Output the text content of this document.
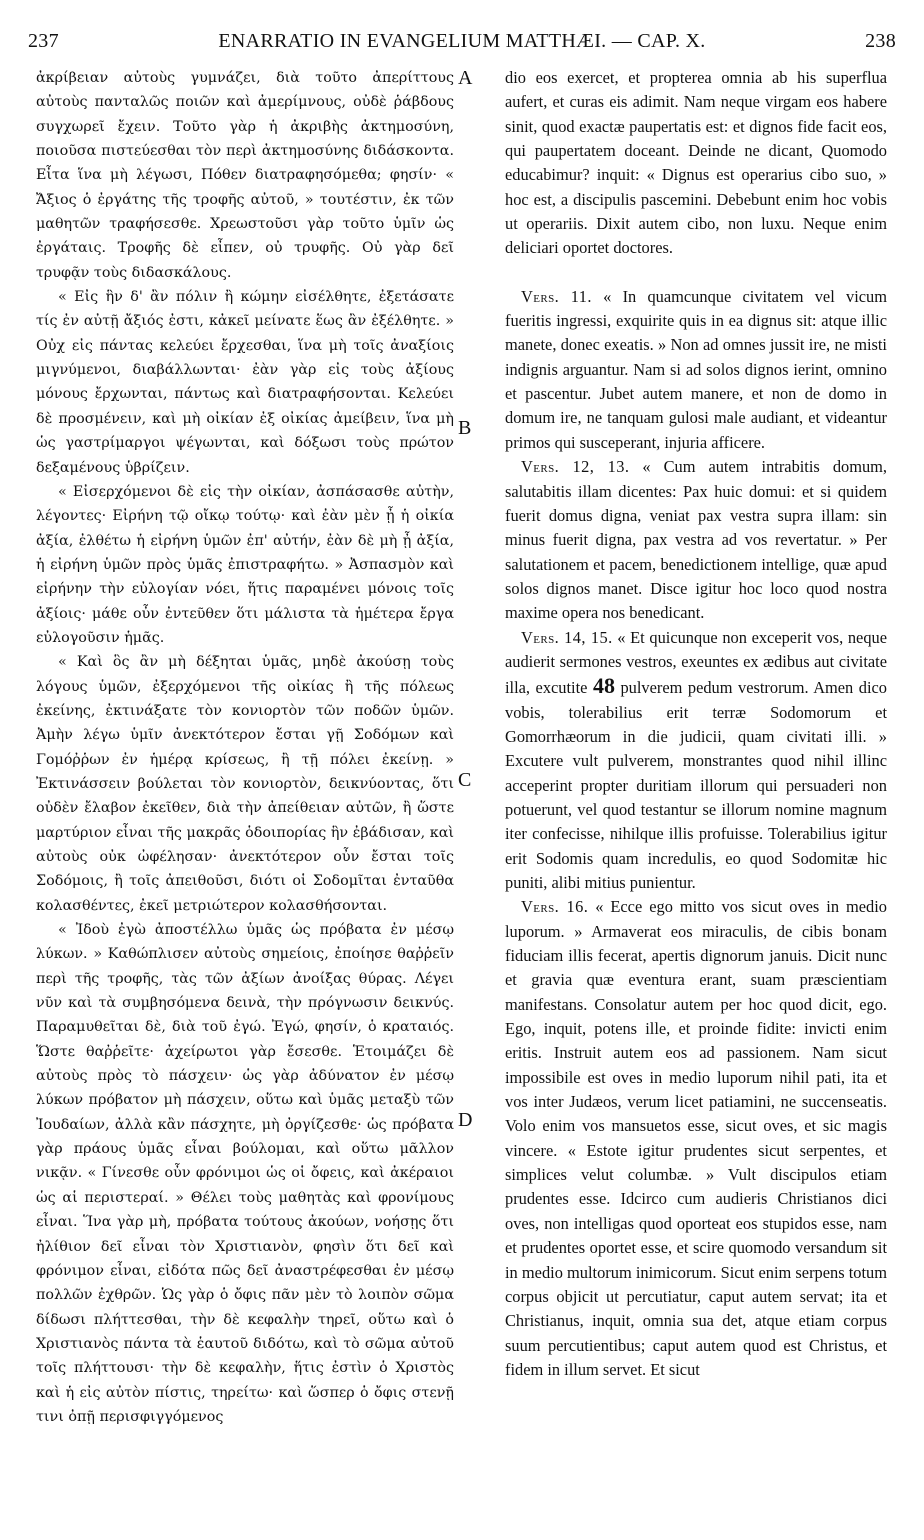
237	ENARRATIO IN EVANGELIUM MATTHÆI. — CAP. X.	238

ἀκρίβειαν αὐτοὺς γυμνάζει, διὰ τοῦτο ἀπερίττους αὐτοὺς πανταλῶς ποιῶν καὶ ἀμερίμνους, οὐδὲ ῥάβδους συγχωρεῖ ἔχειν. Τοῦτο γὰρ ἡ ἀκριβὴς ἀκτημοσύνη, ποιοῦσα πιστεύεσθαι τὸν περὶ ἀκτημοσύνης διδάσκοντα. Εἶτα ἵνα μὴ λέγωσι, Πόθεν διατραφησόμεθα; φησίν· « Ἄξιος ὁ ἐργάτης τῆς τροφῆς αὐτοῦ, » τουτέστιν, ἐκ τῶν μαθητῶν τραφήσεσθε. Χρεωστοῦσι γὰρ τοῦτο ὑμῖν ὡς ἐργάταις. Τροφῆς δὲ εἶπεν, οὐ τρυφῆς. Οὐ γὰρ δεῖ τρυφᾷν τοὺς διδασκάλους.

« Εἰς ἣν δ' ἂν πόλιν ἢ κώμην εἰσέλθητε, ἐξετάσατε τίς ἐν αὐτῇ ἄξιός ἐστι, κἀκεῖ μείνατε ἕως ἂν ἐξέλθητε. » Οὐχ εἰς πάντας κελεύει ἔρχεσθαι, ἵνα μὴ τοῖς ἀναξίοις μιγνύμενοι, διαβάλλωνται· ἐὰν γὰρ εἰς τοὺς ἀξίους μόνους ἔρχωνται, πάντως καὶ διατραφήσονται. Κελεύει δὲ προσμένειν, καὶ μὴ οἰκίαν ἐξ οἰκίας ἀμείβειν, ἵνα μὴ ὡς γαστρίμαργοι ψέγωνται, καὶ δόξωσι τοὺς πρώτον δεξαμένους ὑβρίζειν.

« Εἰσερχόμενοι δὲ εἰς τὴν οἰκίαν, ἀσπάσασθε αὐτὴν, λέγοντες· Εἰρήνη τῷ οἴκῳ τούτῳ· καὶ ἐὰν μὲν ᾖ ἡ οἰκία ἀξία, ἐλθέτω ἡ εἰρήνη ὑμῶν ἐπ' αὐτήν, ἐὰν δὲ μὴ ᾖ ἀξία, ἡ εἰρήνη ὑμῶν πρὸς ὑμᾶς ἐπιστραφήτω. » Ἀσπασμὸν καὶ εἰρήνην τὴν εὐλογίαν νόει, ἥτις παραμένει μόνοις τοῖς ἀξίοις· μάθε οὖν ἐντεῦθεν ὅτι μάλιστα τὰ ἡμέτερα ἔργα εὐλογοῦσιν ἡμᾶς.

« Καὶ ὃς ἂν μὴ δέξηται ὑμᾶς, μηδὲ ἀκούσῃ τοὺς λόγους ὑμῶν, ἐξερχόμενοι τῆς οἰκίας ἢ τῆς πόλεως ἐκείνης, ἐκτινάξατε τὸν κονιορτὸν τῶν ποδῶν ὑμῶν. Ἀμὴν λέγω ὑμῖν ἀνεκτότερον ἔσται γῇ Σοδόμων καὶ Γομόῤῥων ἐν ἡμέρᾳ κρίσεως, ἢ τῇ πόλει ἐκείνῃ. » Ἐκτινάσσειν βούλεται τὸν κονιορτὸν, δεικνύοντας, ὅτι οὐδὲν ἔλαβον ἐκεῖθεν, διὰ τὴν ἀπείθειαν αὐτῶν, ἢ ὥστε μαρτύριον εἶναι τῆς μακρᾶς ὁδοιπορίας ἣν ἐβάδισαν, καὶ αὐτοὺς οὐκ ὠφέλησαν· ἀνεκτότερον οὖν ἔσται τοῖς Σοδόμοις, ἢ τοῖς ἀπειθοῦσι, διότι οἱ Σοδομῖται ἐνταῦθα κολασθέντες, ἐκεῖ μετριώτερον κολασθήσονται.

« Ἰδοὺ ἐγὼ ἀποστέλλω ὑμᾶς ὡς πρόβατα ἐν μέσῳ λύκων. » Καθώπλισεν αὐτοὺς σημείοις, ἐποίησε θαῤῥεῖν περὶ τῆς τροφῆς, τὰς τῶν ἀξίων ἀνοίξας θύρας. Λέγει νῦν καὶ τὰ συμβησόμενα δεινὰ, τὴν πρόγνωσιν δεικνύς. Παραμυθεῖται δὲ, διὰ τοῦ ἐγώ. Ἐγώ, φησίν, ὁ κραταιός. Ὥστε θαῤῥεῖτε· ἀχείρωτοι γὰρ ἔσεσθε. Ἑτοιμάζει δὲ αὐτοὺς πρὸς τὸ πάσχειν· ὡς γὰρ ἀδύνατον ἐν μέσῳ λύκων πρόβατον μὴ πάσχειν, οὕτω καὶ ὑμᾶς μεταξὺ τῶν Ἰουδαίων, ἀλλὰ κἂν πάσχητε, μὴ ὀργίζεσθε· ὡς πρόβατα γὰρ πράους ὑμᾶς εἶναι βούλομαι, καὶ οὕτω μᾶλλον νικᾷν. « Γίνεσθε οὖν φρόνιμοι ὡς οἱ ὄφεις, καὶ ἀκέραιοι ὡς αἱ περιστεραί. » Θέλει τοὺς μαθητὰς καὶ φρονίμους εἶναι. Ἵνα γὰρ μὴ, πρόβατα τούτους ἀκούων, νοήσῃς ὅτι ἠλίθιον δεῖ εἶναι τὸν Χριστιανὸν, φησὶν ὅτι δεῖ καὶ φρόνιμον εἶναι, εἰδότα πῶς δεῖ ἀναστρέφεσθαι ἐν μέσῳ πολλῶν ἐχθρῶν. Ὡς γὰρ ὁ ὄφις πᾶν μὲν τὸ λοιπὸν σῶμα δίδωσι πλήττεσθαι, τὴν δὲ κεφαλὴν τηρεῖ, οὕτω καὶ ὁ Χριστιανὸς πάντα τὰ ἑαυτοῦ διδότω, καὶ τὸ σῶμα αὐτοῦ τοῖς πλήττουσι· τὴν δὲ κεφαλὴν, ἥτις ἐστὶν ὁ Χριστὸς καὶ ἡ εἰς αὐτὸν πίστις, τηρείτω· καὶ ὥσπερ ὁ ὄφις στενῇ τινι ὀπῇ περισφιγγόμενος

A
B
C
D

dio eos exercet, et propterea omnia ab his superflua aufert, et curas eis adimit. Nam neque virgam eos habere sinit, quod exactæ paupertatis est: et dignos fide facit eos, qui paupertatem doceant. Deinde ne dicant, Quomodo educabimur? inquit: « Dignus est operarius cibo suo, » hoc est, a discipulis pascemini. Debebunt enim hoc vobis ut operariis. Dixit autem cibo, non luxu. Neque enim deliciari oportet doctores.

Vers. 11. « In quamcunque civitatem vel vicum fueritis ingressi, exquirite quis in ea dignus sit: atque illic manete, donec exeatis. » Non ad omnes jussit ire, ne misti indignis arguantur. Nam si ad solos dignos ierint, omnino et pascentur. Jubet autem manere, et non de domo in domum ire, ne tanquam gulosi male audiant, et videantur primos qui susceperant, injuria afficere.

Vers. 12, 13. « Cum autem intrabitis domum, salutabitis illam dicentes: Pax huic domui: et si quidem fuerit domus digna, veniat pax vestra supra illam: sin minus fuerit digna, pax vestra ad vos revertatur. » Per salutationem et pacem, benedictionem intellige, quæ apud solos dignos manet. Disce igitur hoc loco quod nostra maxime opera nos benedicant.

Vers. 14, 15. « Et quicunque non exceperit vos, neque audierit sermones vestros, exeuntes ex ædibus aut civitate illa, excutite 48 pulverem pedum vestrorum. Amen dico vobis, tolerabilius erit terræ Sodomorum et Gomorrhæorum in die judicii, quam civitati illi. » Excutere vult pulverem, monstrantes quod nihil illinc acceperint propter duritiam illorum qui persuaderi non potuerunt, vel quod testantur se illorum nomine magnum iter confecisse, nihilque illis profuisse. Tolerabilius igitur erit Sodomis quam incredulis, eo quod Sodomitæ hic puniti, alibi mitius punientur.

Vers. 16. « Ecce ego mitto vos sicut oves in medio luporum. » Armaverat eos miraculis, de cibis bonam fiduciam illis fecerat, apertis dignorum januis. Dicit nunc et gravia quæ eventura erant, suam præscientiam manifestans. Consolatur autem per hoc quod dicit, ego. Ego, inquit, potens ille, et proinde fidite: invicti enim eritis. Instruit autem eos ad passionem. Nam sicut impossibile est oves in medio luporum nihil pati, ita et vos inter Judæos, verum licet patiamini, ne succenseatis. Volo enim vos mansuetos esse, sicut oves, et sic magis vincere. « Estote igitur prudentes sicut serpentes, et simplices velut columbæ. » Vult discipulos etiam prudentes esse. Idcirco cum audieris Christianos dici oves, non intelligas quod oporteat eos stupidos esse, nam et prudentes oportet esse, et scire quomodo versandum sit in medio multorum inimicorum. Sicut enim serpens totum corpus objicit ut percutiatur, caput autem servat; ita et Christianus, inquit, omnia sua det, atque etiam corpus suum percutientibus; caput autem quod est Christus, et fidem in illum servet. Et sicut
